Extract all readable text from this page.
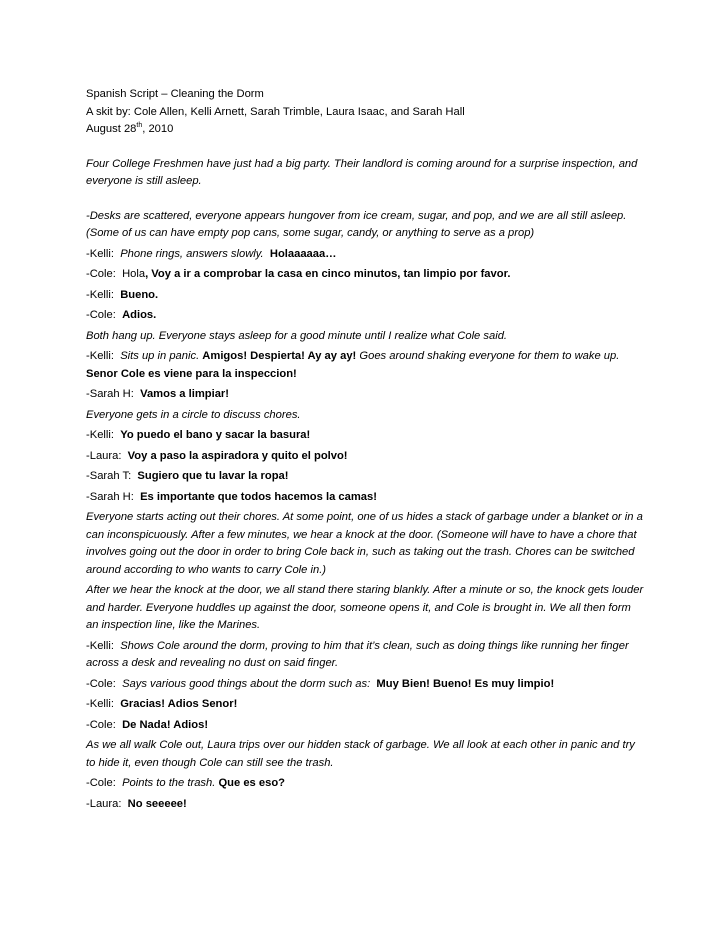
Spanish Script – Cleaning the Dorm

A skit by: Cole Allen, Kelli Arnett, Sarah Trimble, Laura Isaac, and Sarah Hall

August 28th, 2010

Four College Freshmen have just had a big party. Their landlord is coming around for a surprise inspection, and everyone is still asleep.

-Desks are scattered, everyone appears hungover from ice cream, sugar, and pop, and we are all still asleep. (Some of us can have empty pop cans, some sugar, candy, or anything to serve as a prop)

-Kelli: Phone rings, answers slowly. Holaaaaaa…

-Cole: Hola, Voy a ir a comprobar la casa en cinco minutos, tan limpio por favor.

-Kelli: Bueno.

-Cole: Adios.

Both hang up. Everyone stays asleep for a good minute until I realize what Cole said.

-Kelli: Sits up in panic. Amigos! Despierta! Ay ay ay! Goes around shaking everyone for them to wake up. Senor Cole es viene para la inspeccion!

-Sarah H: Vamos a limpiar!

Everyone gets in a circle to discuss chores.

-Kelli: Yo puedo el bano y sacar la basura!

-Laura: Voy a paso la aspiradora y quito el polvo!

-Sarah T: Sugiero que tu lavar la ropa!

-Sarah H: Es importante que todos hacemos la camas!

Everyone starts acting out their chores. At some point, one of us hides a stack of garbage under a blanket or in a can inconspicuously. After a few minutes, we hear a knock at the door. (Someone will have to have a chore that involves going out the door in order to bring Cole back in, such as taking out the trash. Chores can be switched around according to who wants to carry Cole in.)

After we hear the knock at the door, we all stand there staring blankly. After a minute or so, the knock gets louder and harder. Everyone huddles up against the door, someone opens it, and Cole is brought in. We all then form an inspection line, like the Marines.

-Kelli: Shows Cole around the dorm, proving to him that it’s clean, such as doing things like running her finger across a desk and revealing no dust on said finger.

-Cole: Says various good things about the dorm such as: Muy Bien! Bueno! Es muy limpio!

-Kelli: Gracias! Adios Senor!

-Cole: De Nada! Adios!

As we all walk Cole out, Laura trips over our hidden stack of garbage. We all look at each other in panic and try to hide it, even though Cole can still see the trash.

-Cole: Points to the trash. Que es eso?

-Laura: No seeeee!
